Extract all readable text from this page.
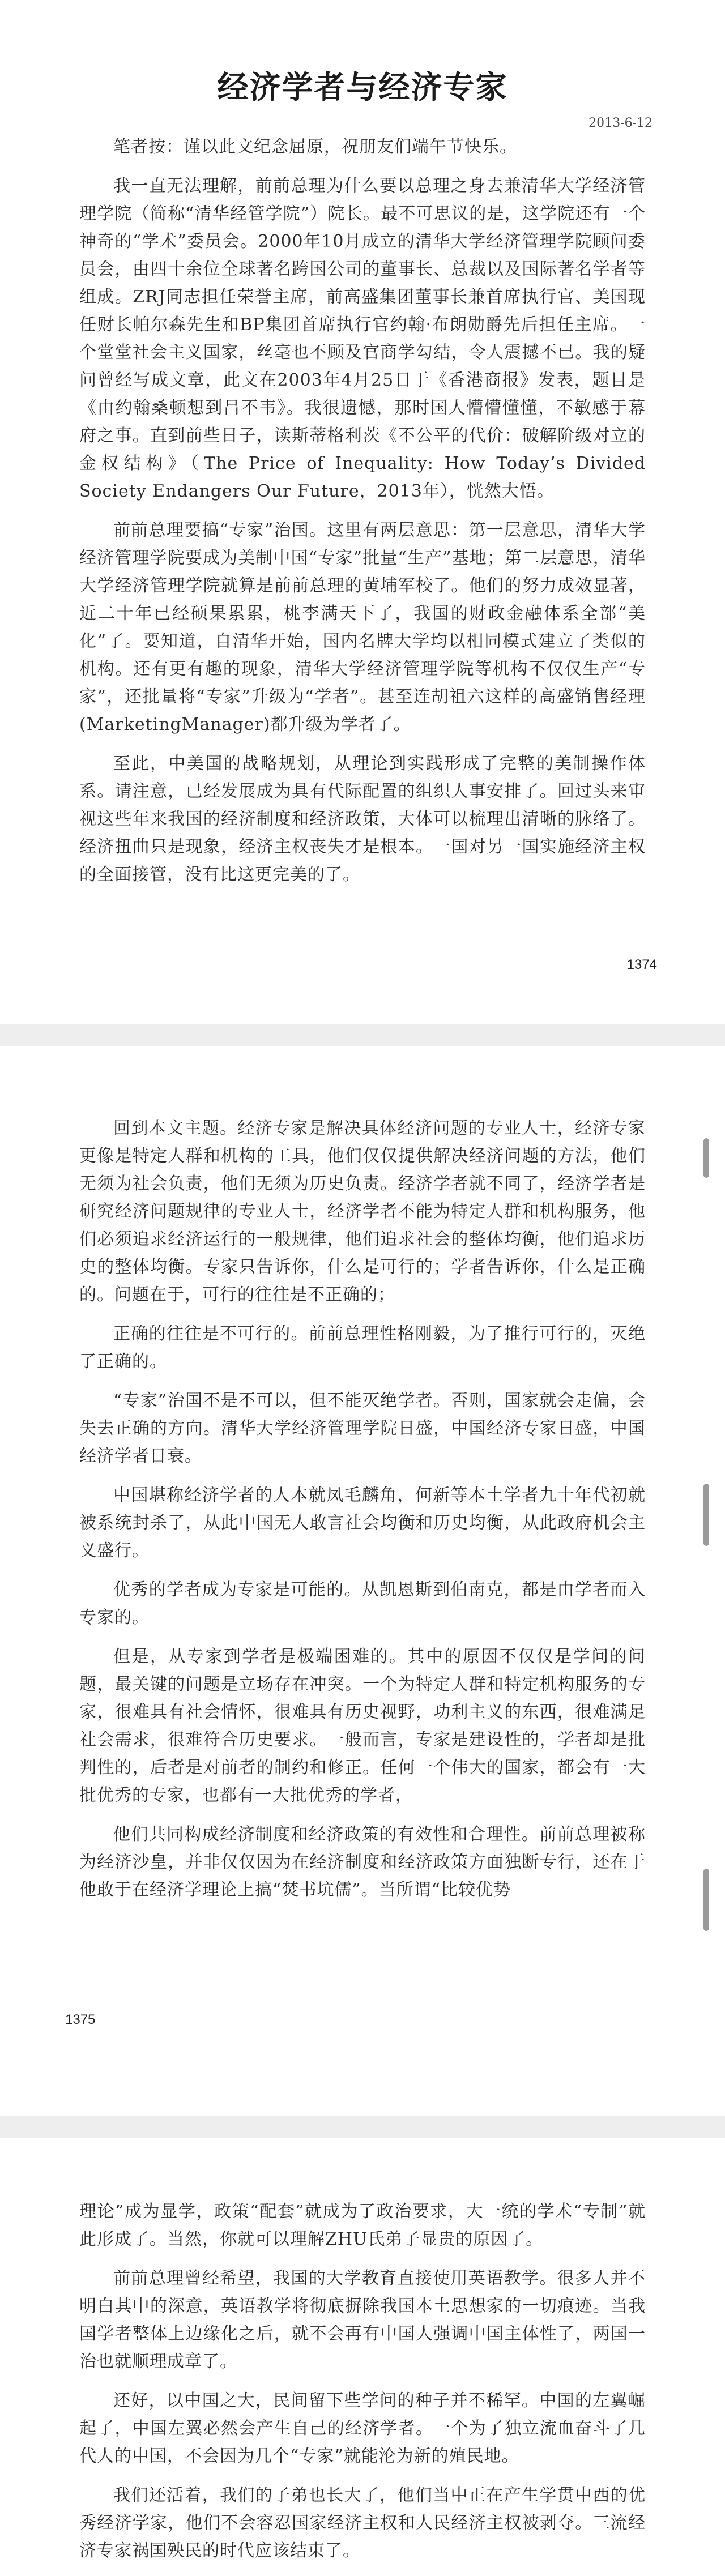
经济学者与经济专家
2013-6-12

笔者按：谨以此文纪念屈原，祝朋友们端午节快乐。

我一直无法理解，前前总理为什么要以总理之身去兼清华大学经济管理学院（简称“清华经管学院”）院长。最不可思议的是，这学院还有一个神奇的“学术”委员会。2000年10月成立的清华大学经济管理学院顾问委员会，由四十余位全球著名跨国公司的董事长、总裁以及国际著名学者等组成。ZRJ同志担任荣誉主席，前高盛集团董事长兼首席执行官、美国现任财长帕尔森先生和BP集团首席执行官约翰·布朗勋爵先后担任主席。一个堂堂社会主义国家，丝毫也不顾及官商学勾结，令人震撼不已。我的疑问曾经写成文章，此文在2003年4月25日于《香港商报》发表，题目是《由约翰桑顿想到吕不韦》。我很遗憾，那时国人懵懵懂懂，不敏感于幕府之事。直到前些日子，读斯蒂格利茨《不公平的代价：破解阶级对立的金权结构》（The Price of Inequality: How Today’s Divided Society Endangers Our Future，2013年），恍然大悟。

前前总理要搞“专家”治国。这里有两层意思：第一层意思，清华大学经济管理学院要成为美制中国“专家”批量“生产”基地；第二层意思，清华大学经济管理学院就算是前前总理的黄埔军校了。他们的努力成效显著，近二十年已经硕果累累，桃李满天下了，我国的财政金融体系全部“美化”了。要知道，自清华开始，国内名牌大学均以相同模式建立了类似的机构。还有更有趣的现象，清华大学经济管理学院等机构不仅仅生产“专家”，还批量将“专家”升级为“学者”。甚至连胡祖六这样的高盛销售经理(MarketingManager)都升级为学者了。

至此，中美国的战略规划，从理论到实践形成了完整的美制操作体系。请注意，已经发展成为具有代际配置的组织人事安排了。回过头来审视这些年来我国的经济制度和经济政策，大体可以梳理出清晰的脉络了。经济扭曲只是现象，经济主权丧失才是根本。一国对另一国实施经济主权的全面接管，没有比这更完美的了。

1374

回到本文主题。经济专家是解决具体经济问题的专业人士，经济专家更像是特定人群和机构的工具，他们仅仅提供解决经济问题的方法，他们无须为社会负责，他们无须为历史负责。经济学者就不同了，经济学者是研究经济问题规律的专业人士，经济学者不能为特定人群和机构服务，他们必须追求经济运行的一般规律，他们追求社会的整体均衡，他们追求历史的整体均衡。专家只告诉你，什么是可行的；学者告诉你，什么是正确的。问题在于，可行的往往是不正确的；

正确的往往是不可行的。前前总理性格刚毅，为了推行可行的，灭绝了正确的。

“专家”治国不是不可以，但不能灭绝学者。否则，国家就会走偏，会失去正确的方向。清华大学经济管理学院日盛，中国经济专家日盛，中国经济学者日衰。

中国堪称经济学者的人本就凤毛麟角，何新等本土学者九十年代初就被系统封杀了，从此中国无人敢言社会均衡和历史均衡，从此政府机会主义盛行。

优秀的学者成为专家是可能的。从凯恩斯到伯南克，都是由学者而入专家的。

但是，从专家到学者是极端困难的。其中的原因不仅仅是学问的问题，最关键的问题是立场存在冲突。一个为特定人群和特定机构服务的专家，很难具有社会情怀，很难具有历史视野，功利主义的东西，很难满足社会需求，很难符合历史要求。一般而言，专家是建设性的，学者却是批判性的，后者是对前者的制约和修正。任何一个伟大的国家，都会有一大批优秀的专家，也都有一大批优秀的学者，

他们共同构成经济制度和经济政策的有效性和合理性。前前总理被称为经济沙皇，并非仅仅因为在经济制度和经济政策方面独断专行，还在于他敢于在经济学理论上搞“焚书坑儒”。当所谓“比较优势

1375

理论”成为显学，政策“配套”就成为了政治要求，大一统的学术“专制”就此形成了。当然，你就可以理解ZHU氏弟子显贵的原因了。

前前总理曾经希望，我国的大学教育直接使用英语教学。很多人并不明白其中的深意，英语教学将彻底摒除我国本土思想家的一切痕迹。当我国学者整体上边缘化之后，就不会再有中国人强调中国主体性了，两国一治也就顺理成章了。

还好，以中国之大，民间留下些学问的种子并不稀罕。中国的左翼崛起了，中国左翼必然会产生自己的经济学者。一个为了独立流血奋斗了几代人的中国，不会因为几个“专家”就能沦为新的殖民地。

我们还活着，我们的子弟也长大了，他们当中正在产生学贯中西的优秀经济学家，他们不会容忍国家经济主权和人民经济主权被剥夺。三流经济专家祸国殃民的时代应该结束了。
